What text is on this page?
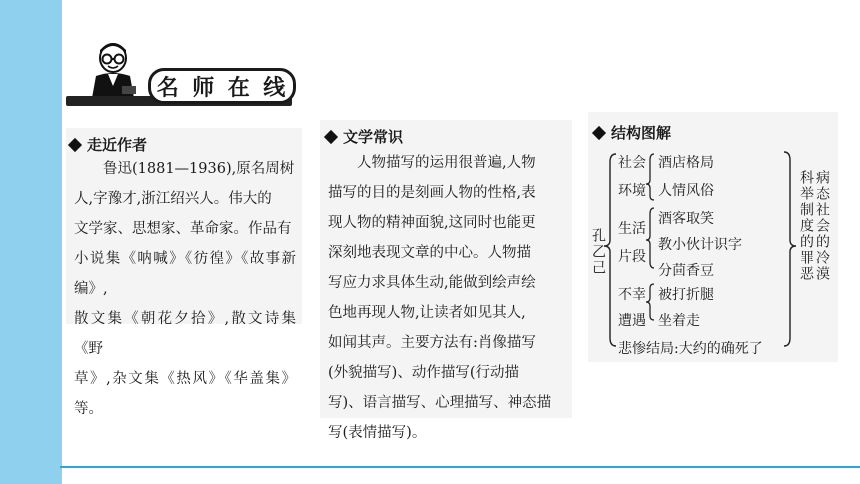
名 师 在 线
走近作者
鲁迅(1881—1936),原名周树
人,字豫才,浙江绍兴人。伟大的
文学家、思想家、革命家。作品有
小说集《呐喊》《彷徨》《故事新编》,
散文集《朝花夕拾》,散文诗集《野
草》,杂文集《热风》《华盖集》等。
文学常识
人物描写的运用很普遍,人物
描写的目的是刻画人物的性格,表
现人物的精神面貌,这同时也能更
深刻地表现文章的中心。人物描
写应力求具体生动,能做到绘声绘
色地再现人物,让读者如见其人,
如闻其声。主要方法有:肖像描写
(外貌描写)、动作描写(行动描
写)、语言描写、心理描写、神态描
写(表情描写)。
结构图解
孔乙己
社会
环境
酒店格局
人情风俗
生活
片段
酒客取笑
教小伙计识字
分茴香豆
不幸
遭遇
被打折腿
坐着走
悲惨结局:大约的确死了
科举制度的罪恶 病态社会的冷漠
